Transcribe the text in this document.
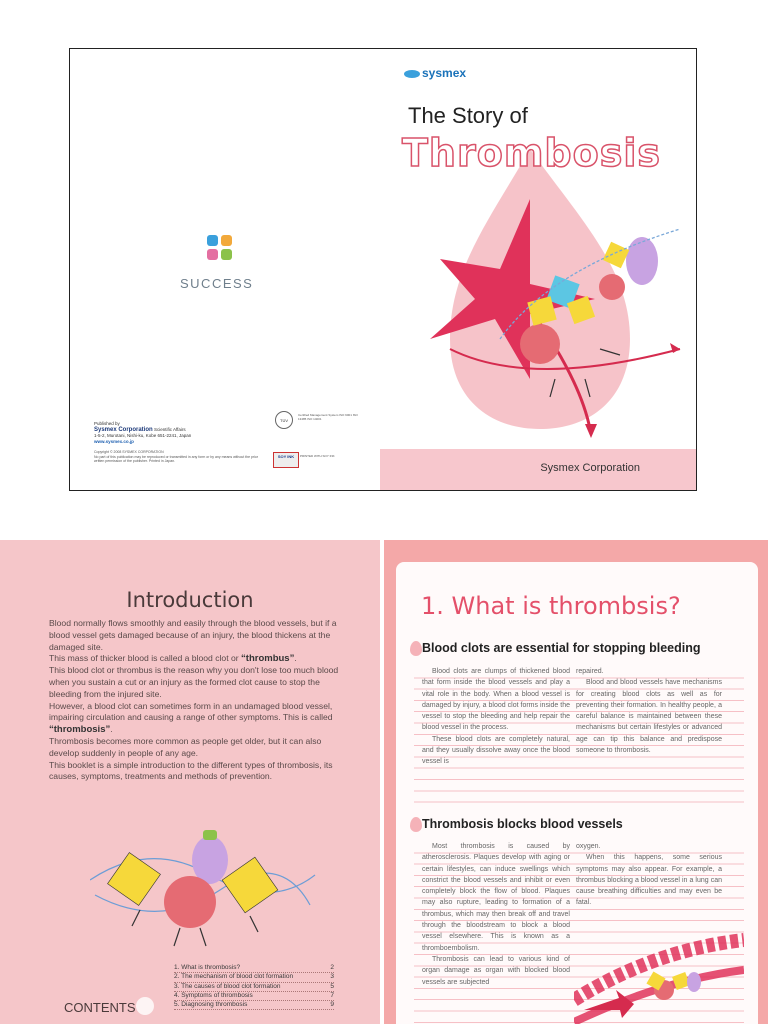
SUCCESS
Published by
Sysmex Corporation Scientific Affairs
1-5-2, Murotani, Nishi-ku, Kobe 651-2241, Japan
www.sysmex.co.jp
Copyright © 2008 SYSMEX CORPORATION
No part of this publication may be reproduced or transmitted in any form or by any means without the prior written permission of the publisher. Printed in Japan.
TÜV
Certified Management System ISO 9001 ISO 13485 ISO 14001
SOY INK	PRINTED WITH SOY INK
sysmex
The Story of
Thrombosis
Sysmex Corporation
Introduction

Blood normally flows smoothly and easily through the blood vessels, but if a blood vessel gets damaged because of an injury, the blood thickens at the damaged site.

This mass of thicker blood is called a blood clot or “thrombus”.

This blood clot or thrombus is the reason why you don't lose too much blood when you sustain a cut or an injury as the formed clot cause to stop the bleeding from the injured site.

However, a blood clot can sometimes form in an undamaged blood vessel, impairing circulation and causing a range of other symptoms. This is called “thrombosis”.

Thrombosis becomes more common as people get older, but it can also develop suddenly in people of any age.

This booklet is a simple introduction to the different types of thrombosis, its causes, symptoms, treatments and methods of prevention.

1. What is thrombosis?	2
2. The mechanism of blood clot formation	3
3. The causes of blood clot formation	5
4. Symptoms of thrombosis	7
5. Diagnosing thrombosis	9
CONTENTS
1. What is thrombsis?
Blood clots are essential for stopping bleeding

Blood clots are clumps of thickened blood that form inside the blood vessels and play a vital role in the body. When a blood vessel is damaged by injury, a blood clot forms inside the vessel to stop the bleeding and help repair the blood vessel in the process.

These blood clots are completely natural, and they usually dissolve away once the blood vessel is

repaired.

Blood and blood vessels have mechanisms for creating blood clots as well as for preventing their formation. In healthy people, a careful balance is maintained between these mechanisms but certain lifestyles or advanced age can tip this balance and predispose someone to thrombosis.

Thrombosis blocks blood vessels

Most thrombosis is caused by atherosclerosis. Plaques develop with aging or certain lifestyles, can induce swellings which constrict the blood vessels and inhibit or even completely block the flow of blood. Plaques may also rupture, leading to formation of a thrombus, which may then break off and travel through the bloodstream to block a blood vessel elsewhere. This is known as a thromboembolism.

Thrombosis can lead to various kind of organ damage as organ with blocked blood vessels are subjected

oxygen.

When this happens, some serious symptoms may also appear. For example, a thrombus blocking a blood vessel in a lung can cause breathing difficulties and may even be fatal.
